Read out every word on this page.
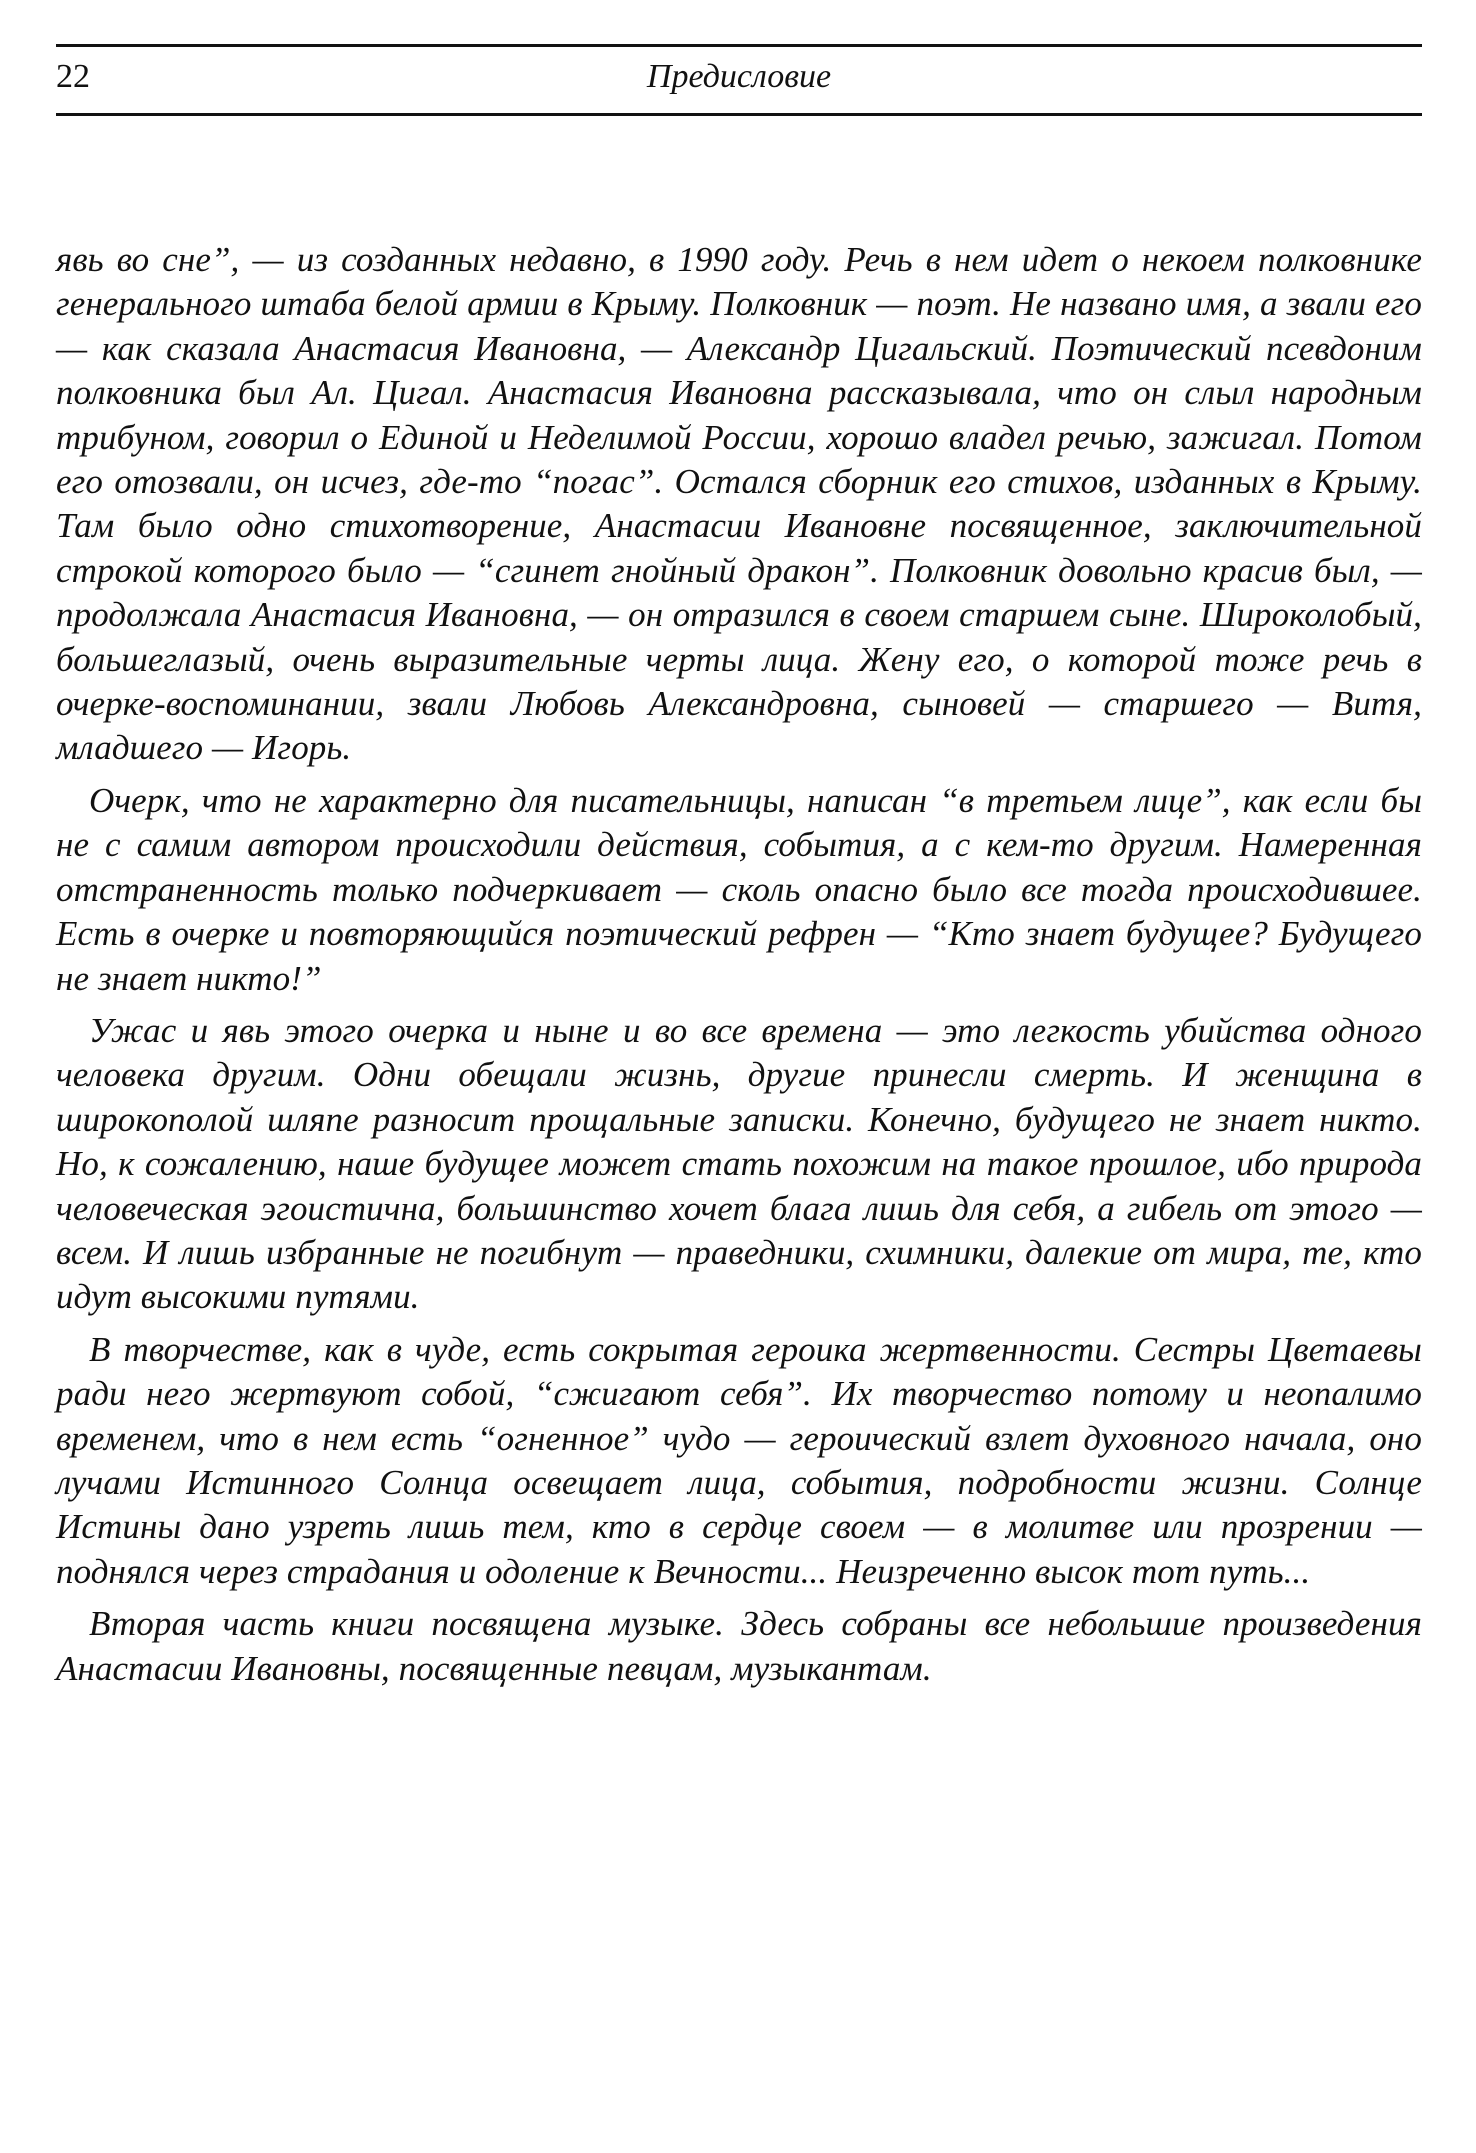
22	Предисловие

явь во сне”, — из созданных недавно, в 1990 году. Речь в нем идет о некоем полковнике генерального штаба белой армии в Крыму. Полковник — поэт. Не названо имя, а звали его — как сказала Анастасия Ивановна, — Александр Цигальский. Поэтический псевдоним полковника был Ал. Цигал. Анастасия Ивановна рассказывала, что он слыл народным трибуном, говорил о Единой и Неделимой России, хорошо владел речью, зажигал. Потом его отозвали, он исчез, где-то “погас”. Остался сборник его стихов, изданных в Крыму. Там было одно стихотворение, Анастасии Ивановне посвященное, заключительной строкой которого было — “сгинет гнойный дракон”. Полковник довольно красив был, — продолжала Анастасия Ивановна, — он отразился в своем старшем сыне. Широколобый, большеглазый, очень выразительные черты лица. Жену его, о которой тоже речь в очерке-воспоминании, звали Любовь Александровна, сыновей — старшего — Витя, младшего — Игорь.

Очерк, что не характерно для писательницы, написан “в третьем лице”, как если бы не с самим автором происходили действия, события, а с кем-то другим. Намеренная отстраненность только подчеркивает — сколь опасно было все тогда происходившее. Есть в очерке и повторяющийся поэтический рефрен — “Кто знает будущее? Будущего не знает никто!”

Ужас и явь этого очерка и ныне и во все времена — это легкость убийства одного человека другим. Одни обещали жизнь, другие принесли смерть. И женщина в широкополой шляпе разносит прощальные записки. Конечно, будущего не знает никто. Но, к сожалению, наше будущее может стать похожим на такое прошлое, ибо природа человеческая эгоистична, большинство хочет блага лишь для себя, а гибель от этого — всем. И лишь избранные не погибнут — праведники, схимники, далекие от мира, те, кто идут высокими путями.

В творчестве, как в чуде, есть сокрытая героика жертвенности. Сестры Цветаевы ради него жертвуют собой, “сжигают себя”. Их творчество потому и неопалимо временем, что в нем есть “огненное” чудо — героический взлет духовного начала, оно лучами Истинного Солнца освещает лица, события, подробности жизни. Солнце Истины дано узреть лишь тем, кто в сердце своем — в молитве или прозрении — поднялся через страдания и одоление к Вечности... Неизреченно высок тот путь...

Вторая часть книги посвящена музыке. Здесь собраны все небольшие произведения Анастасии Ивановны, посвященные певцам, музыкантам.
